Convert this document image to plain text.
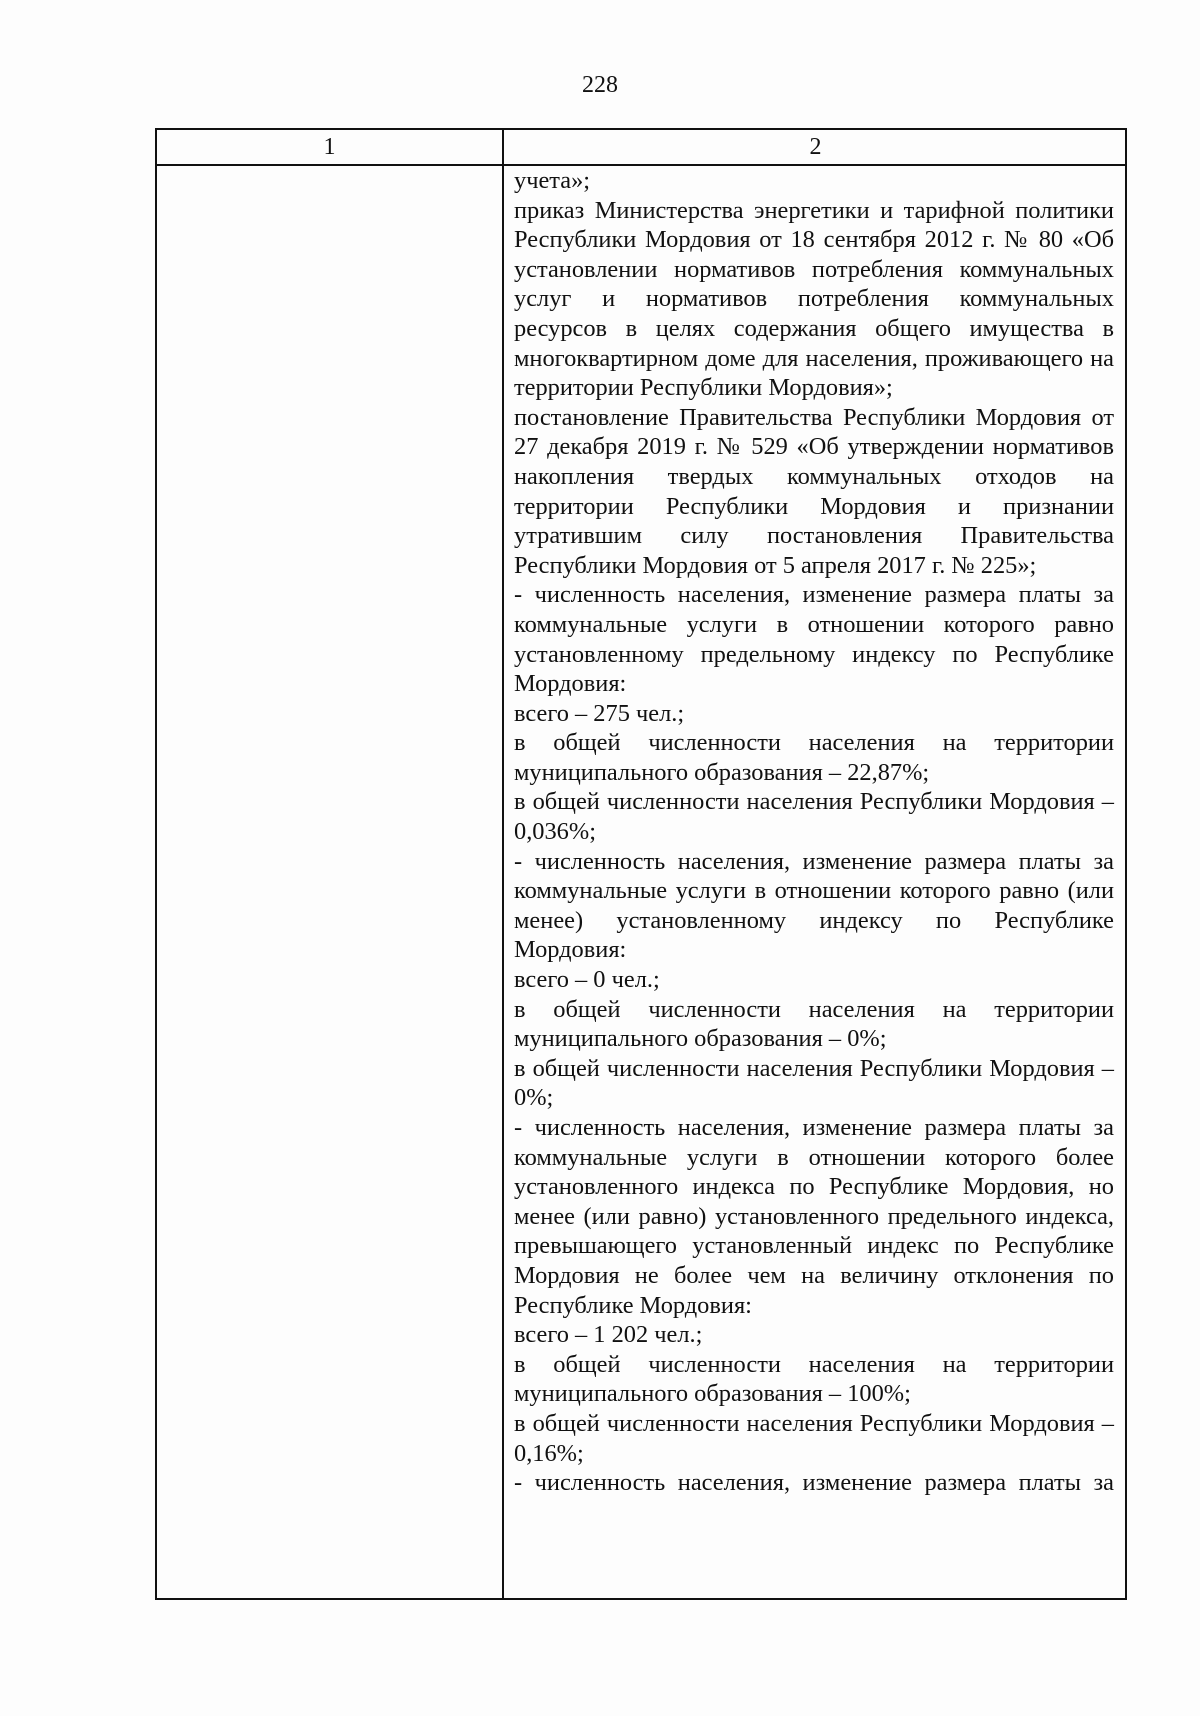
228
1	2

учета»;

приказ Министерства энергетики и тарифной политики Республики Мордовия от 18 сентября 2012 г. № 80 «Об установлении нормативов потребления коммунальных услуг и нормативов потребления коммунальных ресурсов в целях содержания общего имущества в многоквартирном доме для населения, проживающего на территории Республики Мордовия»;

постановление Правительства Республики Мордовия от 27 декабря 2019 г. № 529 «Об утверждении нормативов накопления твердых коммунальных отходов на территории Республики Мордовия и признании утратившим силу постановления Правительства Республики Мордовия от 5 апреля 2017 г. № 225»;

- численность населения, изменение размера платы за коммунальные услуги в отношении которого равно установленному предельному индексу по Республике Мордовия:

всего – 275 чел.;

в общей численности населения на территории муниципального образования – 22,87%;

в общей численности населения Республики Мордовия – 0,036%;

- численность населения, изменение размера платы за коммунальные услуги в отношении которого равно (или менее) установленному индексу по Республике Мордовия:

всего – 0 чел.;

в общей численности населения на территории муниципального образования – 0%;

в общей численности населения Республики Мордовия – 0%;

- численность населения, изменение размера платы за коммунальные услуги в отношении которого более установленного индекса по Республике Мордовия, но менее (или равно) установленного предельного индекса, превышающего установленный индекс по Республике Мордовия не более чем на величину отклонения по Республике Мордовия:

всего – 1 202 чел.;

в общей численности населения на территории муниципального образования – 100%;

в общей численности населения Республики Мордовия – 0,16%;

- численность населения, изменение размера платы за
